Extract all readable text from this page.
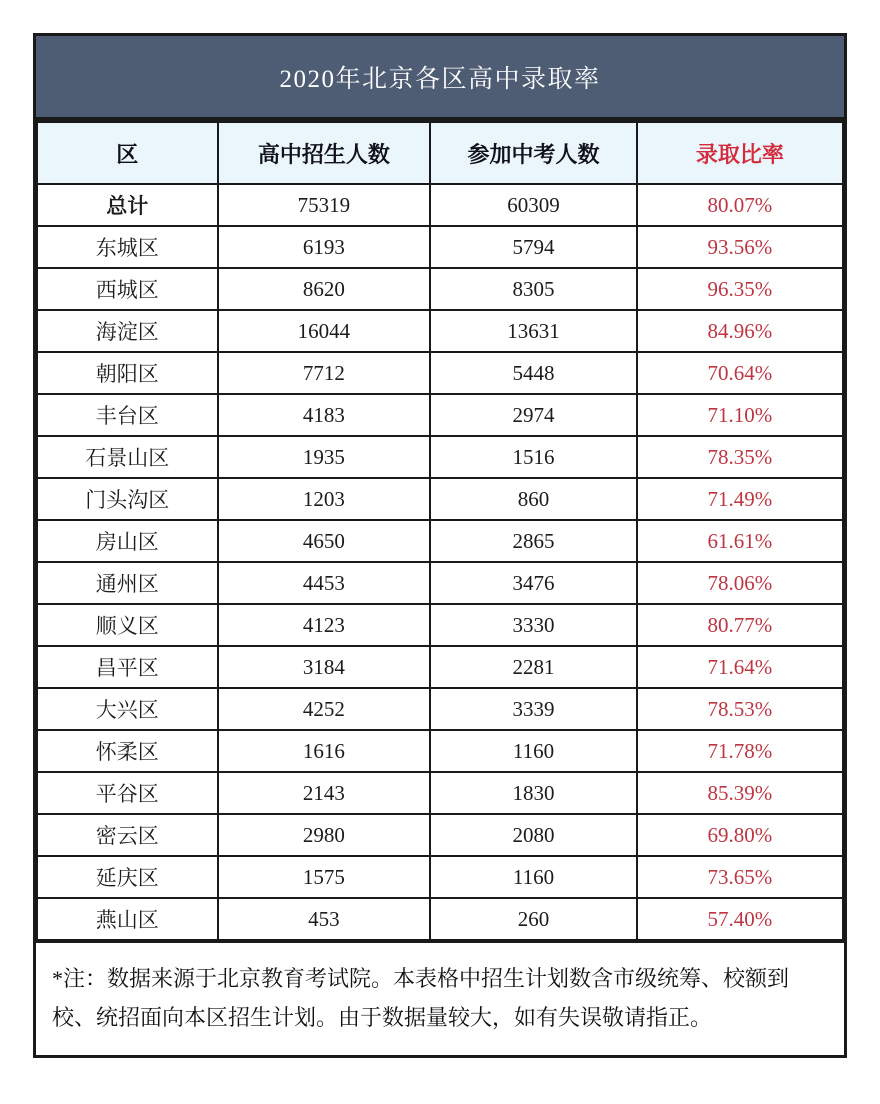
2020年北京各区高中录取率
区	高中招生人数	参加中考人数	录取比率
总计	75319	60309	80.07%
东城区	6193	5794	93.56%
西城区	8620	8305	96.35%
海淀区	16044	13631	84.96%
朝阳区	7712	5448	70.64%
丰台区	4183	2974	71.10%
石景山区	1935	1516	78.35%
门头沟区	1203	860	71.49%
房山区	4650	2865	61.61%
通州区	4453	3476	78.06%
顺义区	4123	3330	80.77%
昌平区	3184	2281	71.64%
大兴区	4252	3339	78.53%
怀柔区	1616	1160	71.78%
平谷区	2143	1830	85.39%
密云区	2980	2080	69.80%
延庆区	1575	1160	73.65%
燕山区	453	260	57.40%
*注：数据来源于北京教育考试院。本表格中招生计划数含市级统筹、校额到校、统招面向本区招生计划。由于数据量较大，如有失误敬请指正。
